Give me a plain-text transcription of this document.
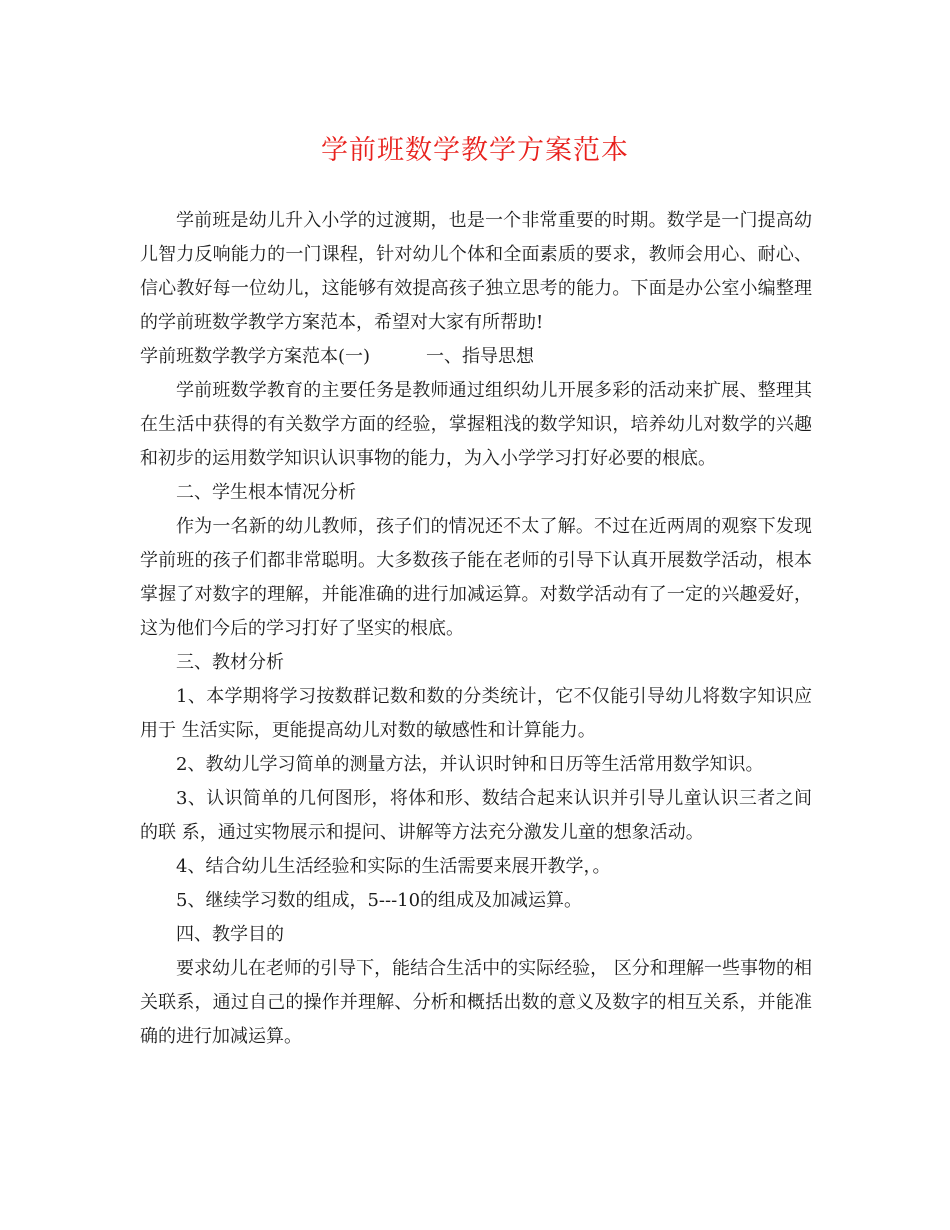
学前班数学教学方案范本

学前班是幼儿升入小学的过渡期，也是一个非常重要的时期。数学是一门提高幼儿智力反响能力的一门课程，针对幼儿个体和全面素质的要求，教师会用心、耐心、信心教好每一位幼儿，这能够有效提高孩子独立思考的能力。下面是办公室小编整理的学前班数学教学方案范本，希望对大家有所帮助!

学前班数学教学方案范本(一)	一、指导思想

学前班数学教育的主要任务是教师通过组织幼儿开展多彩的活动来扩展、整理其在生活中获得的有关数学方面的经验，掌握粗浅的数学知识，培养幼儿对数学的兴趣和初步的运用数学知识认识事物的能力，为入小学学习打好必要的根底。

二、学生根本情况分析

作为一名新的幼儿教师，孩子们的情况还不太了解。不过在近两周的观察下发现学前班的孩子们都非常聪明。大多数孩子能在老师的引导下认真开展数学活动，根本掌握了对数字的理解，并能准确的进行加减运算。对数学活动有了一定的兴趣爱好，这为他们今后的学习打好了坚实的根底。

三、教材分析

1、本学期将学习按数群记数和数的分类统计，它不仅能引导幼儿将数字知识应用于 生活实际，更能提高幼儿对数的敏感性和计算能力。

2、教幼儿学习简单的测量方法，并认识时钟和日历等生活常用数学知识。

3、认识简单的几何图形，将体和形、数结合起来认识并引导儿童认识三者之间的联 系，通过实物展示和提问、讲解等方法充分激发儿童的想象活动。

4、结合幼儿生活经验和实际的生活需要来展开教学，。

5、继续学习数的组成，5---10的组成及加减运算。

四、教学目的

要求幼儿在老师的引导下，能结合生活中的实际经验， 区分和理解一些事物的相关联系，通过自己的操作并理解、分析和概括出数的意义及数字的相互关系，并能准确的进行加减运算。
